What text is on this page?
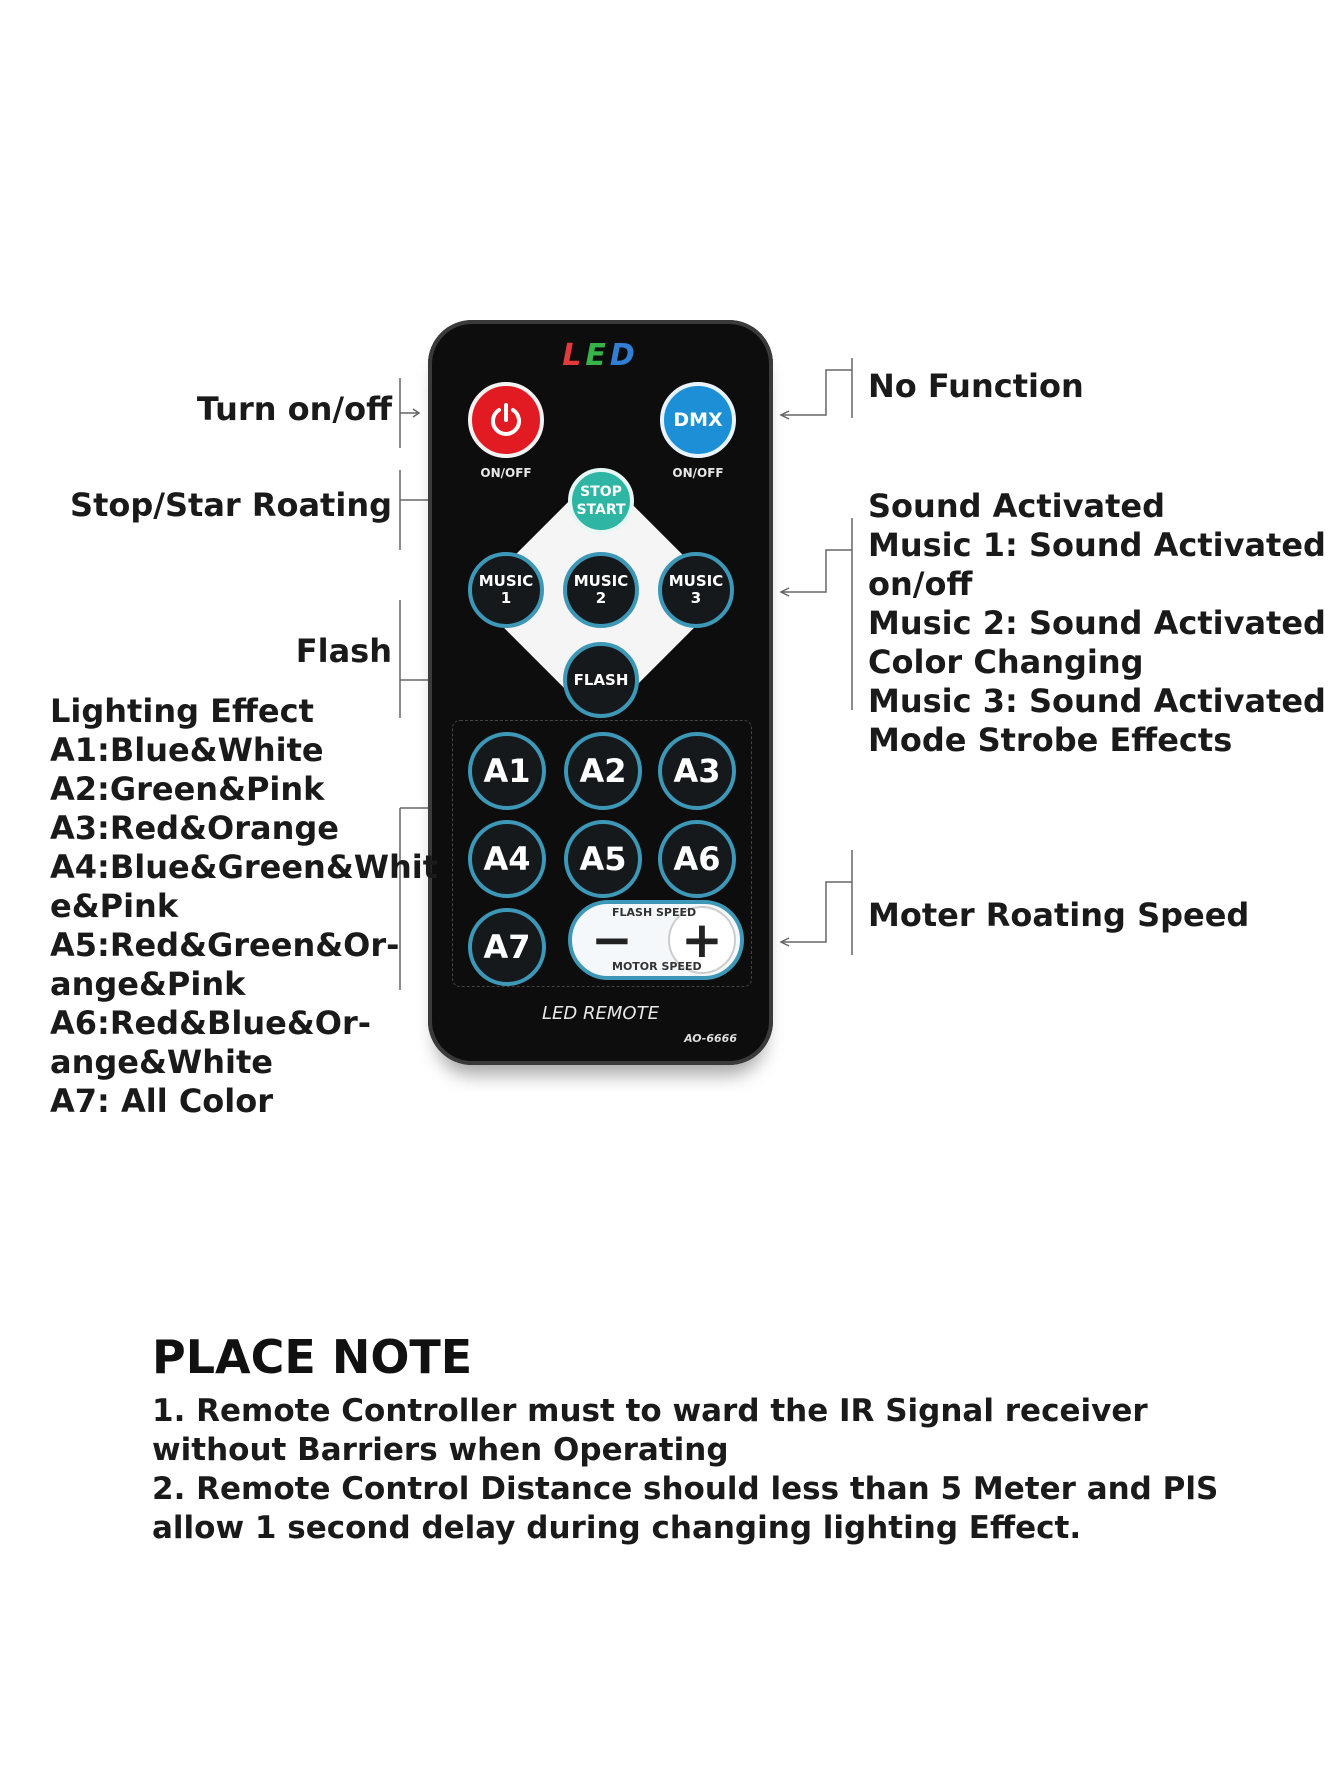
LED
ON/OFF
DMX
ON/OFF
STOP
START
MUSIC
1
MUSIC
2
MUSIC
3
FLASH
A1	A2	A3
A4	A5	A6
A7	− +
FLASH SPEED
MOTOR SPEED
LED REMOTE
AO-6666
Turn on/off
Stop/Star Roating
Flash
Lighting Effect
A1:Blue&White
A2:Green&Pink
A3:Red&Orange
A4:Blue&Green&Whit
e&Pink
A5:Red&Green&Or-
ange&Pink
A6:Red&Blue&Or-
ange&White
A7: All Color
No Function
Sound Activated
Music 1: Sound Activated
on/off
Music 2: Sound Activated
Color Changing
Music 3: Sound Activated
Mode Strobe Effects
Moter Roating Speed
PLACE NOTE
1. Remote Controller must to ward the IR Signal receiver
without Barriers when Operating
2. Remote Control Distance should less than 5 Meter and PlS
allow 1 second delay during changing lighting Effect.
